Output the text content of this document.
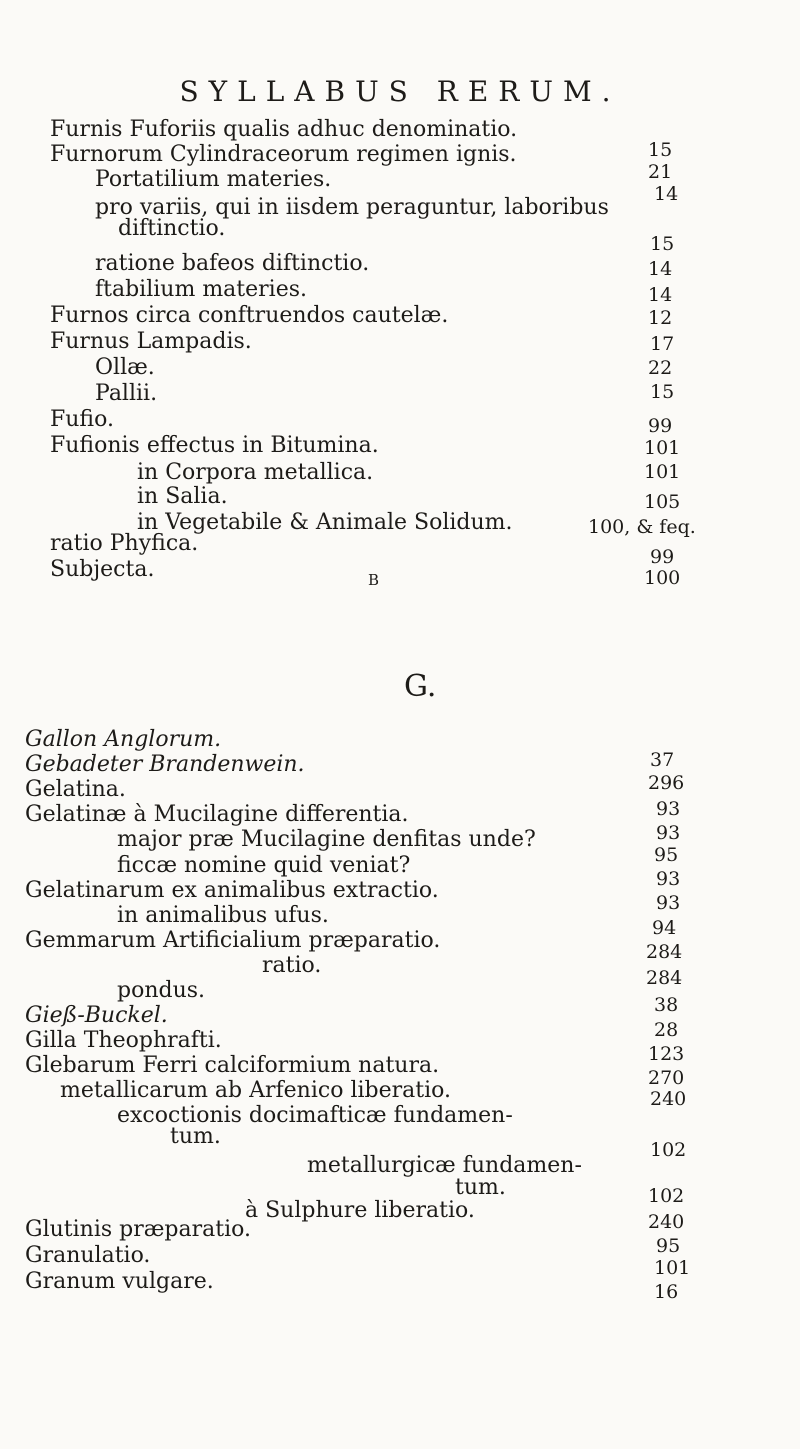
SYLLABUS RERUM.
Furnis Fuforiis qualis adhuc denominatio.
Furnorum Cylindraceorum regimen ignis.
Portatilium materies.
pro variis, qui in iisdem peraguntur, laboribus
diftinctio.
ratione bafeos diftinctio.
ftabilium materies.
Furnos circa conftruendos cautelæ.
Furnus Lampadis.
Ollæ.
Pallii.
Fufio.
Fufionis effectus in Bitumina.
in Corpora metallica.
in Salia.
in Vegetabile & Animale Solidum.
ratio Phyfica.
Subjecta.
15
21
14
15
14
14
12
17
22
15
99
101
101
105
100, & feq.
99
100
B
G.
Gallon Anglorum.
Gebadeter Brandenwein.
Gelatina.
Gelatinæ à Mucilagine differentia.
major præ Mucilagine denfitas unde?
ficcæ nomine quid veniat?
Gelatinarum ex animalibus extractio.
in animalibus ufus.
Gemmarum Artificialium præparatio.
ratio.
pondus.
Gieß-Buckel.
Gilla Theophrafti.
Glebarum Ferri calciformium natura.
metallicarum ab Arfenico liberatio.
excoctionis docimafticæ fundamen-
tum.
metallurgicæ fundamen-
tum.
à Sulphure liberatio.
Glutinis præparatio.
Granulatio.
Granum vulgare.
37
296
93
93
95
93
93
94
284
284
38
28
123
270
240
102
102
240
95
101
16
